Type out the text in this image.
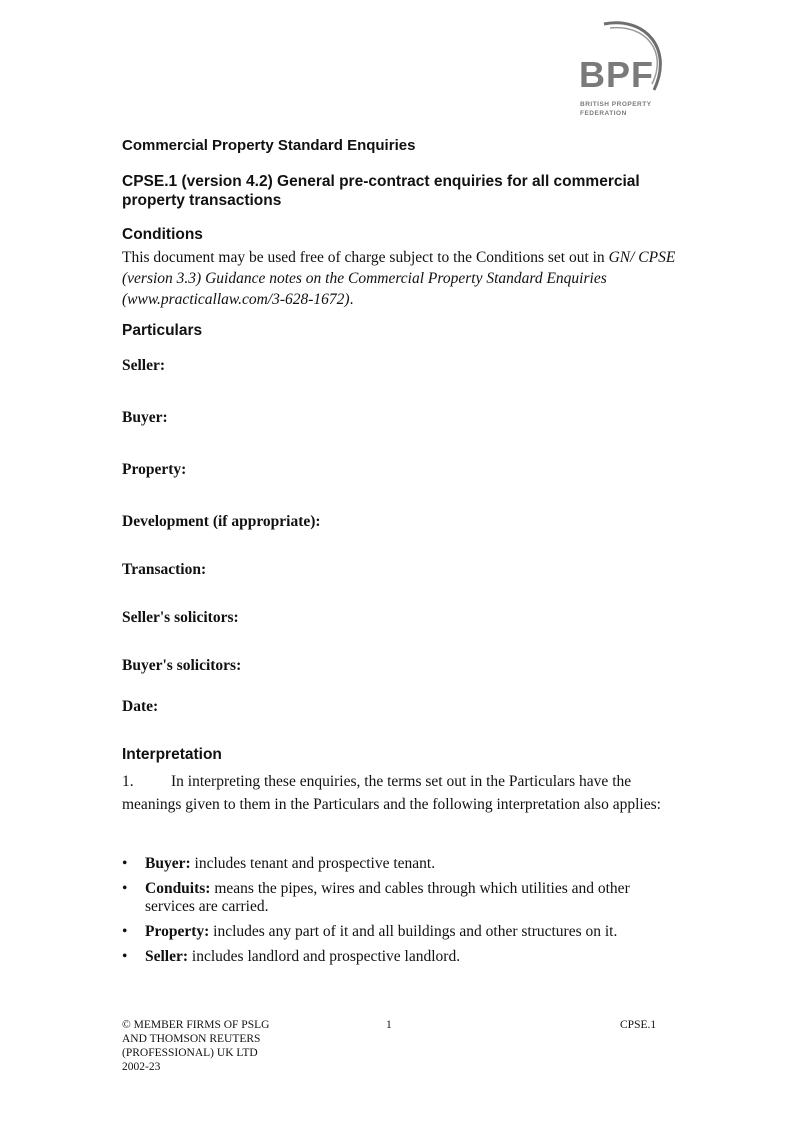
BPF
BRITISH PROPERTY
FEDERATION
Commercial Property Standard Enquiries
CPSE.1 (version 4.2) General pre-contract enquiries for all commercial property transactions
Conditions
This document may be used free of charge subject to the Conditions set out in GN/ CPSE (version 3.3) Guidance notes on the Commercial Property Standard Enquiries (www.practicallaw.com/3-628-1672).
Particulars
Seller:
Buyer:
Property:
Development (if appropriate):
Transaction:
Seller's solicitors:
Buyer's solicitors:
Date:
Interpretation
1. In interpreting these enquiries, the terms set out in the Particulars have the meanings given to them in the Particulars and the following interpretation also applies:
• Buyer: includes tenant and prospective tenant.
• Conduits: means the pipes, wires and cables through which utilities and other services are carried.
• Property: includes any part of it and all buildings and other structures on it.
• Seller: includes landlord and prospective landlord.
© MEMBER FIRMS OF PSLG
AND THOMSON REUTERS
(PROFESSIONAL) UK LTD
2002-23
1	CPSE.1
